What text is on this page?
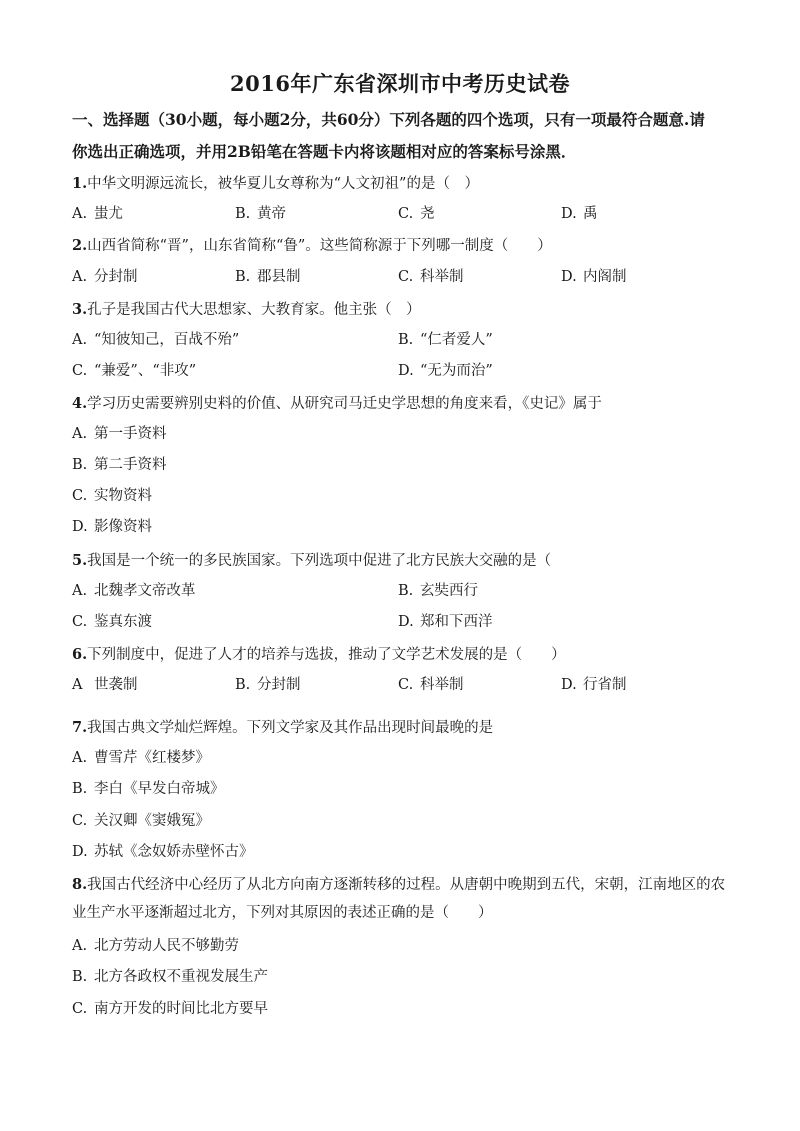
2016年广东省深圳市中考历史试卷
一、选择题（30小题，每小题2分，共60分）下列各题的四个选项，只有一项最符合题意.请
你选出正确选项，并用2B铅笔在答题卡内将该题相对应的答案标号涂黑．
1.中华文明源远流长，被华夏儿女尊称为“人文初祖”的是（　）
A. 蚩尤	B. 黄帝	C. 尧	D. 禹
2.山西省简称“晋”，山东省简称“鲁”。这些简称源于下列哪一制度（　　）
A. 分封制	B. 郡县制	C. 科举制	D. 内阁制
3.孔子是我国古代大思想家、大教育家。他主张（　）
A. “知彼知己，百战不殆”	B. “仁者爱人”
C. “兼爱”、“非攻”	D. “无为而治”
4.学习历史需要辨别史料的价值、从研究司马迁史学思想的角度来看，《史记》属于
A. 第一手资料
B. 第二手资料
C. 实物资料
D. 影像资料
5.我国是一个统一的多民族国家。下列选项中促进了北方民族大交融的是（
A. 北魏孝文帝改革	B. 玄奘西行
C. 鉴真东渡	D. 郑和下西洋
6.下列制度中，促进了人才的培养与选拔，推动了文学艺术发展的是（　　）
A 世袭制	B. 分封制	C. 科举制	D. 行省制
7.我国古典文学灿烂辉煌。下列文学家及其作品出现时间最晚的是
A. 曹雪芹《红楼梦》
B. 李白《早发白帝城》
C. 关汉卿《窦娥冤》
D. 苏轼《念奴娇赤壁怀古》
8.我国古代经济中心经历了从北方向南方逐渐转移的过程。从唐朝中晚期到五代，宋朝，江南地区的农业生产水平逐渐超过北方，下列对其原因的表述正确的是（　　）
A. 北方劳动人民不够勤劳
B. 北方各政权不重视发展生产
C. 南方开发的时间比北方要早
